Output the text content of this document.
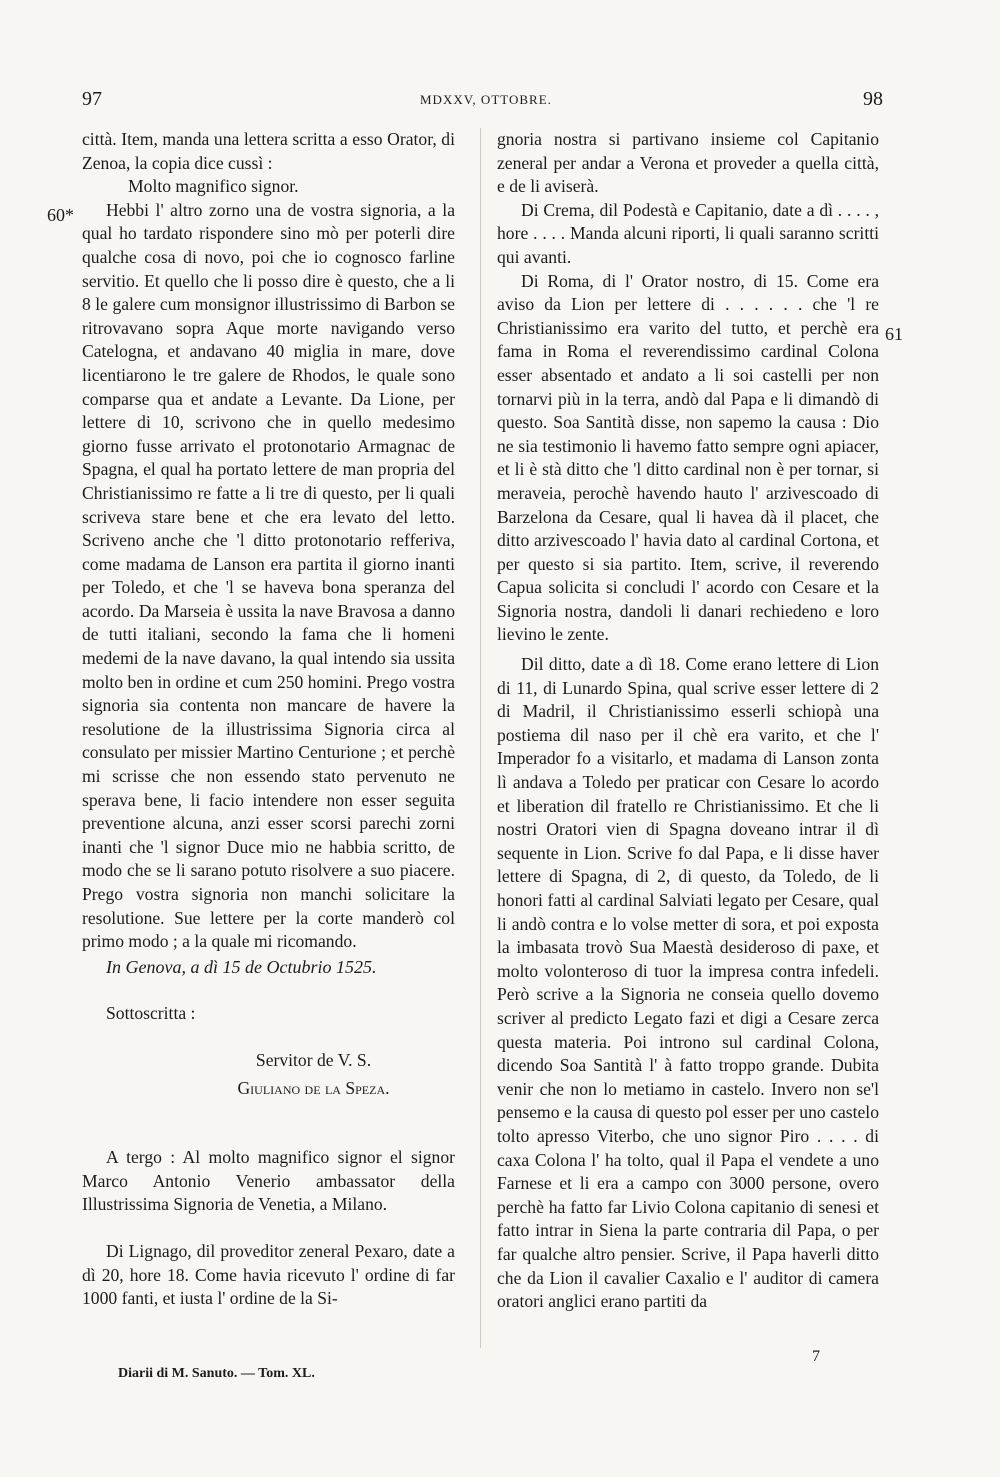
97	MDXXV, OTTOBRE.	98
60*
61

città. Item, manda una lettera scritta a esso Orator, di Zenoa, la copia dice cussì :

Molto magnifico signor.

Hebbi l' altro zorno una de vostra signoria, a la qual ho tardato rispondere sino mò per poterli dire qualche cosa di novo, poi che io cognosco farline servitio. Et quello che li posso dire è questo, che a li 8 le galere cum monsignor illustrissimo di Barbon se ritrovavano sopra Aque morte navigando verso Catelogna, et andavano 40 miglia in mare, dove licentiarono le tre galere de Rhodos, le quale sono comparse qua et andate a Levante. Da Lione, per lettere di 10, scrivono che in quello medesimo giorno fusse arrivato el protonotario Armagnac de Spagna, el qual ha portato lettere de man propria del Christianissimo re fatte a li tre di questo, per li quali scriveva stare bene et che era levato del letto. Scriveno anche che 'l ditto protonotario refferiva, come madama de Lanson era partita il giorno inanti per Toledo, et che 'l se haveva bona speranza del acordo. Da Marseia è ussita la nave Bravosa a danno de tutti italiani, secondo la fama che li homeni medemi de la nave davano, la qual intendo sia ussita molto ben in ordine et cum 250 homini. Prego vostra signoria sia contenta non mancare de havere la resolutione de la illustrissima Signoria circa al consulato per missier Martino Centurione ; et perchè mi scrisse che non essendo stato pervenuto ne sperava bene, li facio intendere non esser seguita preventione alcuna, anzi esser scorsi parechi zorni inanti che 'l signor Duce mio ne habbia scritto, de modo che se li sarano potuto risolvere a suo piacere. Prego vostra signoria non manchi solicitare la resolutione. Sue lettere per la corte manderò col primo modo ; a la quale mi ricomando.

In Genova, a dì 15 de Octubrio 1525.

Sottoscritta :

Servitor de V. S.

Giuliano de la Speza.

A tergo : Al molto magnifico signor el signor Marco Antonio Venerio ambassator della Illustrissima Signoria de Venetia, a Milano.

Di Lignago, dil proveditor zeneral Pexaro, date a dì 20, hore 18. Come havia ricevuto l' ordine di far 1000 fanti, et iusta l' ordine de la Si-

gnoria nostra si partivano insieme col Capitanio zeneral per andar a Verona et proveder a quella città, e de li aviserà.

Di Crema, dil Podestà e Capitanio, date a dì . . . . , hore . . . . Manda alcuni riporti, li quali saranno scritti qui avanti.

Di Roma, di l' Orator nostro, di 15. Come era aviso da Lion per lettere di . . . . . . che 'l re Christianissimo era varito del tutto, et perchè era fama in Roma el reverendissimo cardinal Colona esser absentado et andato a li soi castelli per non tornarvi più in la terra, andò dal Papa e li dimandò di questo. Soa Santità disse, non sapemo la causa : Dio ne sia testimonio li havemo fatto sempre ogni apiacer, et li è stà ditto che 'l ditto cardinal non è per tornar, si meraveia, perochè havendo hauto l' arzivescoado di Barzelona da Cesare, qual li havea dà il placet, che ditto arzivescoado l' havia dato al cardinal Cortona, et per questo si sia partito. Item, scrive, il reverendo Capua solicita si concludi l' acordo con Cesare et la Signoria nostra, dandoli li danari rechiedeno e loro lievino le zente.

Dil ditto, date a dì 18. Come erano lettere di Lion di 11, di Lunardo Spina, qual scrive esser lettere di 2 di Madril, il Christianissimo esserli schiopà una postiema dil naso per il chè era varito, et che l' Imperador fo a visitarlo, et madama di Lanson zonta lì andava a Toledo per praticar con Cesare lo acordo et liberation dil fratello re Christianissimo. Et che li nostri Oratori vien di Spagna doveano intrar il dì sequente in Lion. Scrive fo dal Papa, e li disse haver lettere di Spagna, di 2, di questo, da Toledo, de li honori fatti al cardinal Salviati legato per Cesare, qual li andò contra e lo volse metter di sora, et poi exposta la imbasata trovò Sua Maestà desideroso di paxe, et molto volonteroso di tuor la impresa contra infedeli. Però scrive a la Signoria ne conseia quello dovemo scriver al predicto Legato fazi et digi a Cesare zerca questa materia. Poi introno sul cardinal Colona, dicendo Soa Santità l' à fatto troppo grande. Dubita venir che non lo metiamo in castelo. Invero non se'l pensemo e la causa di questo pol esser per uno castelo tolto apresso Viterbo, che uno signor Piro . . . . di caxa Colona l' ha tolto, qual il Papa el vendete a uno Farnese et li era a campo con 3000 persone, overo perchè ha fatto far Livio Colona capitanio di senesi et fatto intrar in Siena la parte contraria dil Papa, o per far qualche altro pensier. Scrive, il Papa haverli ditto che da Lion il cavalier Caxalio e l' auditor di camera oratori anglici erano partiti da

Diarii di M. Sanuto. — Tom. XL.
7
